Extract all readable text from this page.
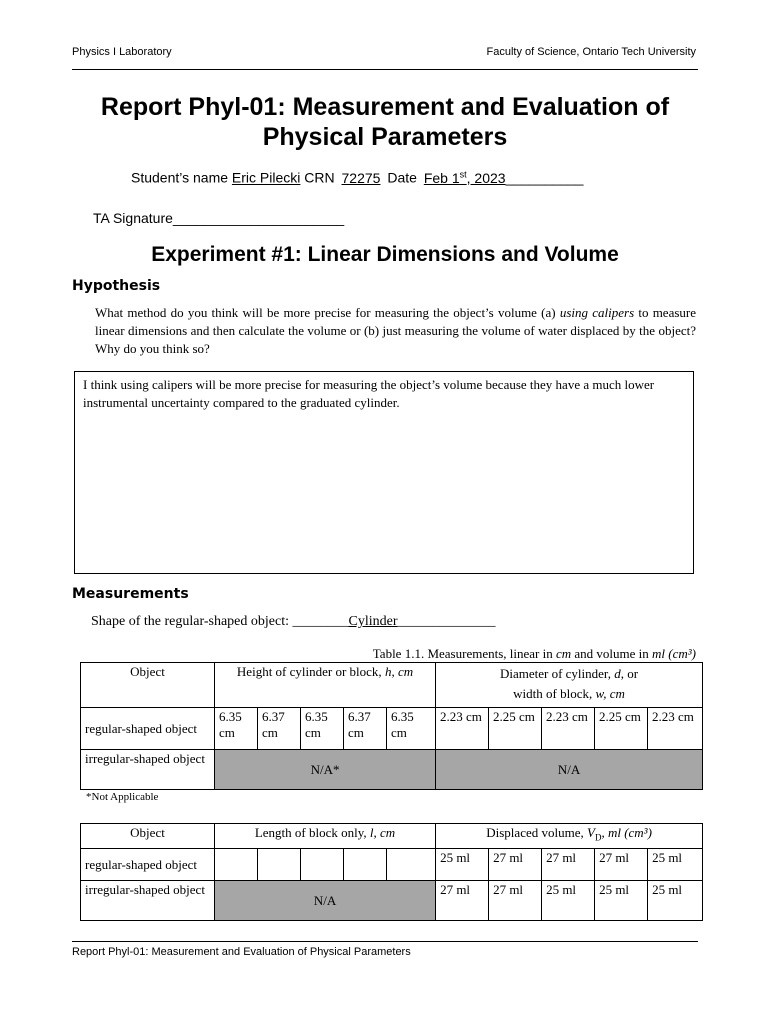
Physics I Laboratory	Faculty of Science, Ontario Tech University
Report Phyl-01: Measurement and Evaluation of
Physical Parameters
Student’s name Eric Pilecki CRN 72275 Date Feb 1st, 2023__________
TA Signature______________________
Experiment #1: Linear Dimensions and Volume
Hypothesis
What method do you think will be more precise for measuring the object’s volume (a) using calipers to measure linear dimensions and then calculate the volume or (b) just measuring the volume of water displaced by the object? Why do you think so?
I think using calipers will be more precise for measuring the object’s volume because they have a much lower instrumental uncertainty compared to the graduated cylinder.
Measurements
Shape of the regular-shaped object: ________Cylinder______________
Table 1.1. Measurements, linear in cm and volume in ml (cm³)
Object	Height of cylinder or block, h, cm					Diameter of cylinder, d, or
width of block, w, cm				
regular-shaped object	6.35 cm	6.37 cm	6.35 cm	6.37 cm	6.35 cm	2.23 cm	2.25 cm	2.23 cm	2.25 cm	2.23 cm
irregular-shaped object	N/A*					N/A				
*Not Applicable
Object	Length of block only, l, cm					Displaced volume, $V_D$, ml (cm³)				
regular-shaped object						25 ml	27 ml	27 ml	27 ml	25 ml
irregular-shaped object	N/A					27 ml	27 ml	25 ml	25 ml	25 ml
Report Phyl-01: Measurement and Evaluation of Physical Parameters
